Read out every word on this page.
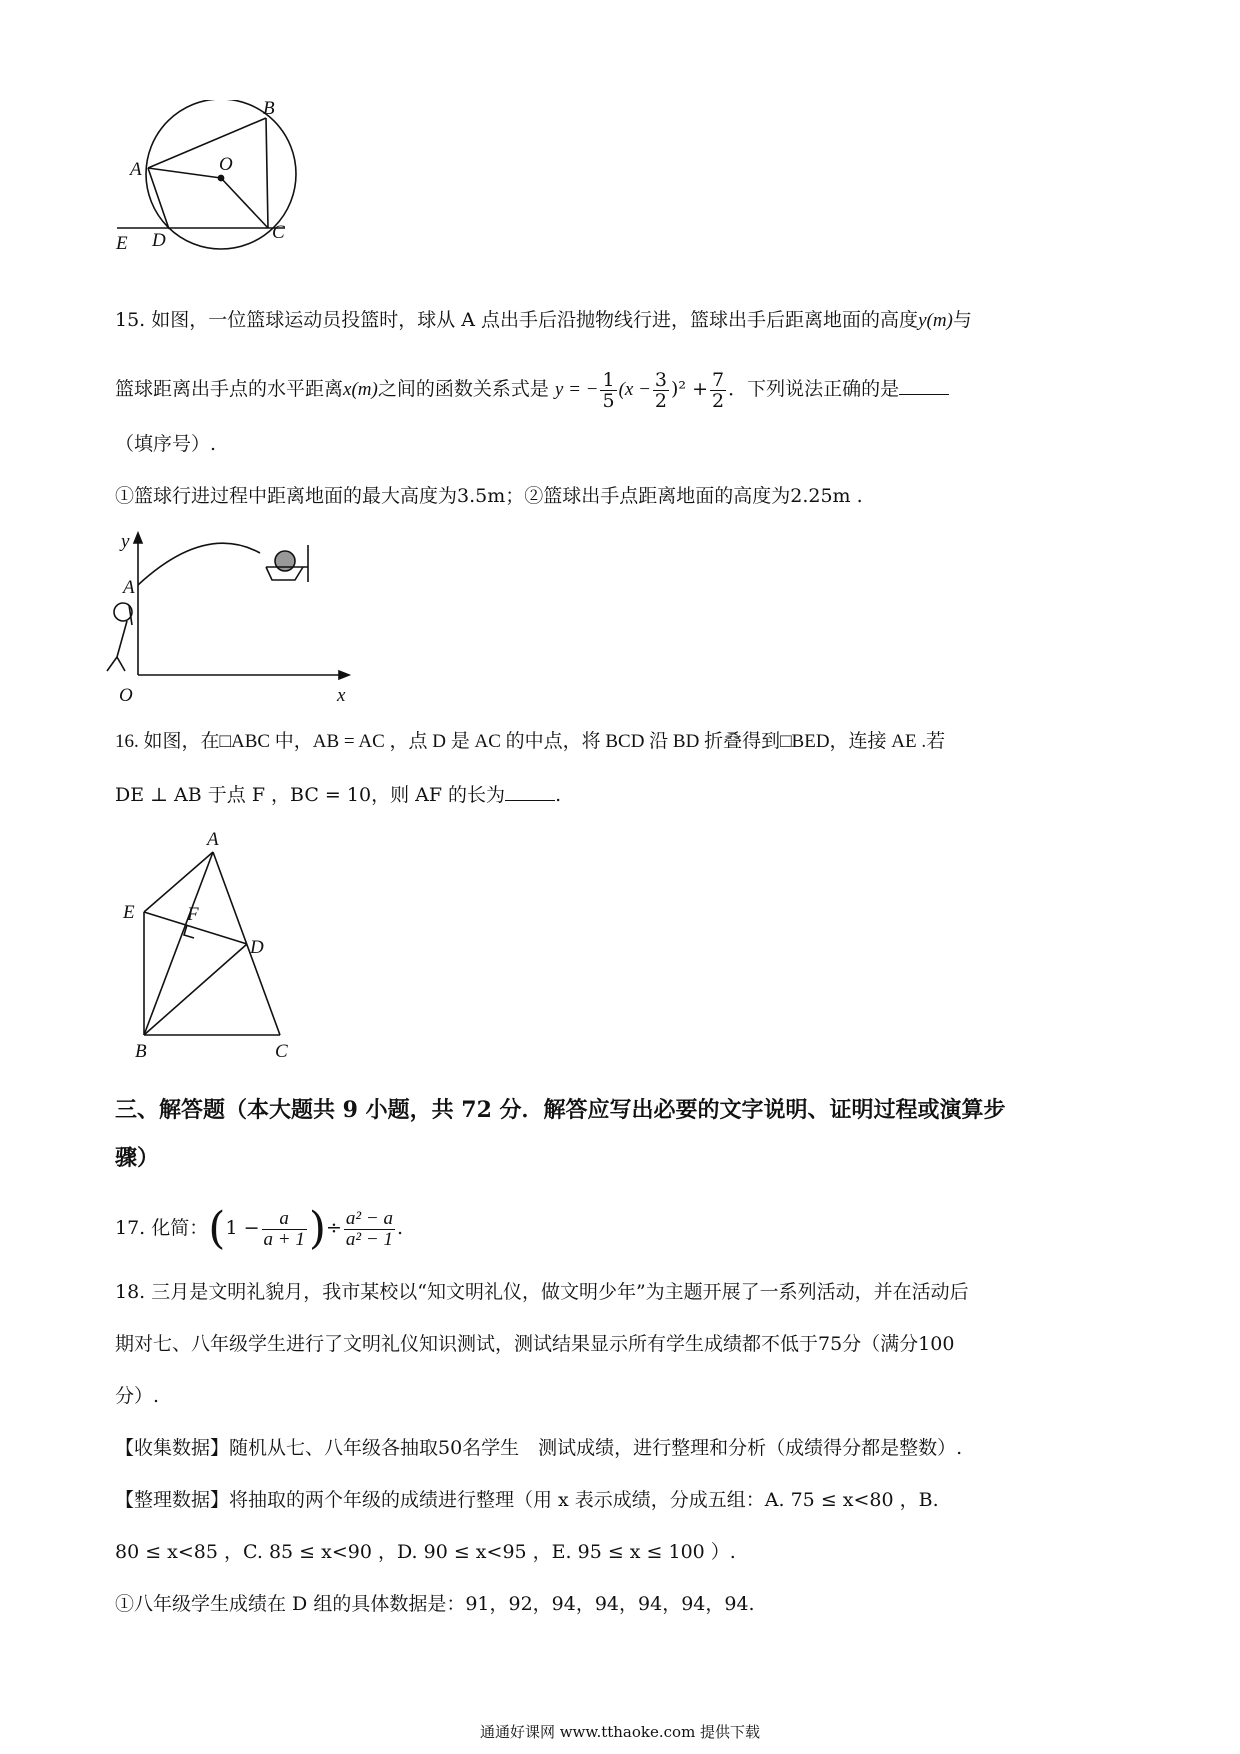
A
B
O
C
D
E
15. 如图，一位篮球运动员投篮时，球从 A 点出手后沿抛物线行进，篮球出手后距离地面的高度y(m)与
篮球距离出手点的水平距离x(m)之间的函数关系式是 y = − $\frac{1}{5} (x - \frac{3}{2} )^2 + \frac{7}{2}$ ．下列说法正确的是
（填序号）.
①篮球行进过程中距离地面的最大高度为3.5m；②篮球出手点距离地面的高度为2.25m .
y
A
O	x
16. 如图，在□ABC 中，AB = AC ，点 D 是 AC 的中点，将 BCD 沿 BD 折叠得到□BED，连接 AE .若
DE ⊥ AB 于点 F ，BC = 10，则 AF 的长为	.
A
E	F
D
B	C
三、解答题（本大题共 9 小题，共 72 分．解答应写出必要的文字说明、证明过程或演算步
骤）
17. 化简：($1 - \frac{a}{a + 1}$ )÷ $\frac{\text{a² − a}}{\text{a² − 1}}$ .
18. 三月是文明礼貌月，我市某校以“知文明礼仪，做文明少年”为主题开展了一系列活动，并在活动后
期对七、八年级学生进行了文明礼仪知识测试，测试结果显示所有学生成绩都不低于75分（满分100
分）.
【收集数据】随机从七、八年级各抽取50名学生　测试成绩，进行整理和分析（成绩得分都是整数）.
【整理数据】将抽取的两个年级的成绩进行整理（用 x 表示成绩，分成五组：A. 75 ≤ x<80 ，B.
80 ≤ x<85 ，C. 85 ≤ x<90 ，D. 90 ≤ x<95 ，E. 95 ≤ x ≤ 100 ）.
①八年级学生成绩在 D 组的具体数据是：91，92，94，94，94，94，94.
通通好课网 www.tthaoke.com 提供下载
